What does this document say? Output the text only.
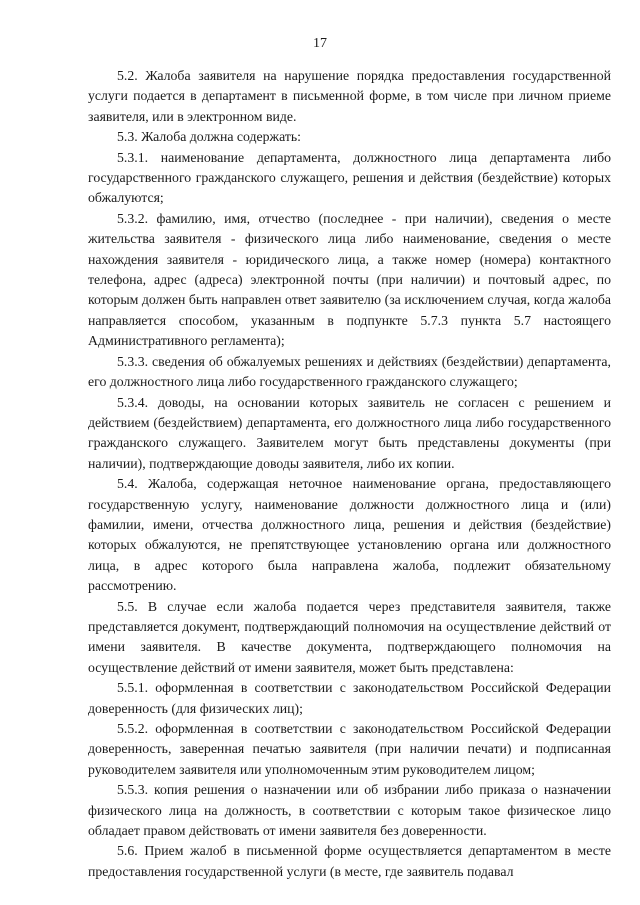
17

5.2. Жалоба заявителя на нарушение порядка предоставления государственной услуги подается в департамент в письменной форме, в том числе при личном приеме заявителя, или в электронном виде.

5.3. Жалоба должна содержать:

5.3.1. наименование департамента, должностного лица департамента либо государственного гражданского служащего, решения и действия (бездействие) которых обжалуются;

5.3.2. фамилию, имя, отчество (последнее - при наличии), сведения о месте жительства заявителя - физического лица либо наименование, сведения о месте нахождения заявителя - юридического лица, а также номер (номера) контактного телефона, адрес (адреса) электронной почты (при наличии) и почтовый адрес, по которым должен быть направлен ответ заявителю (за исключением случая, когда жалоба направляется способом, указанным в подпункте 5.7.3 пункта 5.7 настоящего Административного регламента);

5.3.3. сведения об обжалуемых решениях и действиях (бездействии) департамента, его должностного лица либо государственного гражданского служащего;

5.3.4. доводы, на основании которых заявитель не согласен с решением и действием (бездействием) департамента, его должностного лица либо государственного гражданского служащего. Заявителем могут быть представлены документы (при наличии), подтверждающие доводы заявителя, либо их копии.

5.4. Жалоба, содержащая неточное наименование органа, предоставляющего государственную услугу, наименование должности должностного лица и (или) фамилии, имени, отчества должностного лица, решения и действия (бездействие) которых обжалуются, не препятствующее установлению органа или должностного лица, в адрес которого была направлена жалоба, подлежит обязательному рассмотрению.

5.5. В случае если жалоба подается через представителя заявителя, также представляется документ, подтверждающий полномочия на осуществление действий от имени заявителя. В качестве документа, подтверждающего полномочия на осуществление действий от имени заявителя, может быть представлена:

5.5.1. оформленная в соответствии с законодательством Российской Федерации доверенность (для физических лиц);

5.5.2. оформленная в соответствии с законодательством Российской Федерации доверенность, заверенная печатью заявителя (при наличии печати) и подписанная руководителем заявителя или уполномоченным этим руководителем лицом;

5.5.3. копия решения о назначении или об избрании либо приказа о назначении физического лица на должность, в соответствии с которым такое физическое лицо обладает правом действовать от имени заявителя без доверенности.

5.6. Прием жалоб в письменной форме осуществляется департаментом в месте предоставления государственной услуги (в месте, где заявитель подавал
